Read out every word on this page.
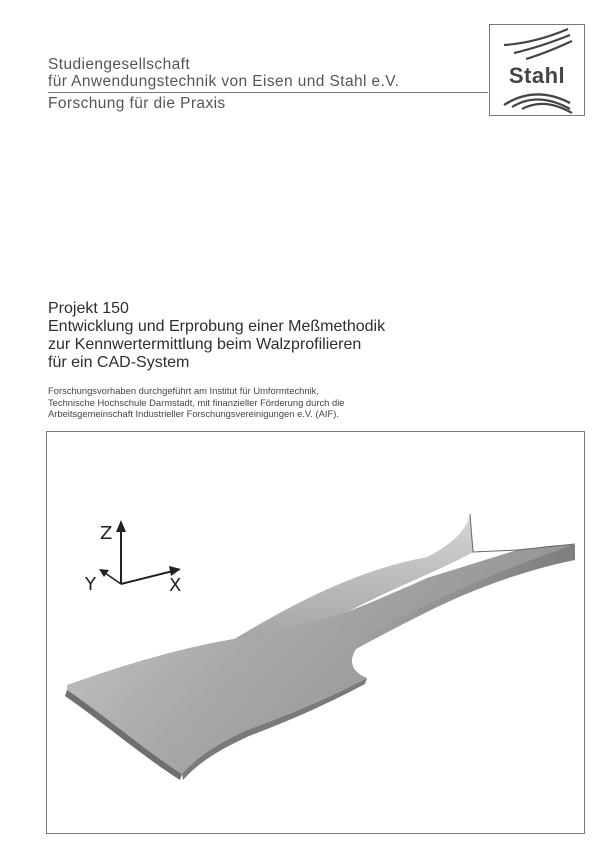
Studiengesellschaft
für Anwendungstechnik von Eisen und Stahl e.V.
Forschung für die Praxis
Stahl
Projekt 150
Entwicklung und Erprobung einer Meßmethodik
zur Kennwertermittlung beim Walzprofilieren
für ein CAD-System
Forschungsvorhaben durchgeführt am Institut für Umformtechnik,
Technische Hochschule Darmstadt, mit finanzieller Förderung durch die
Arbeitsgemeinschaft Industrieller Forschungsvereinigungen e.V. (AIF).
Z
Y	X
